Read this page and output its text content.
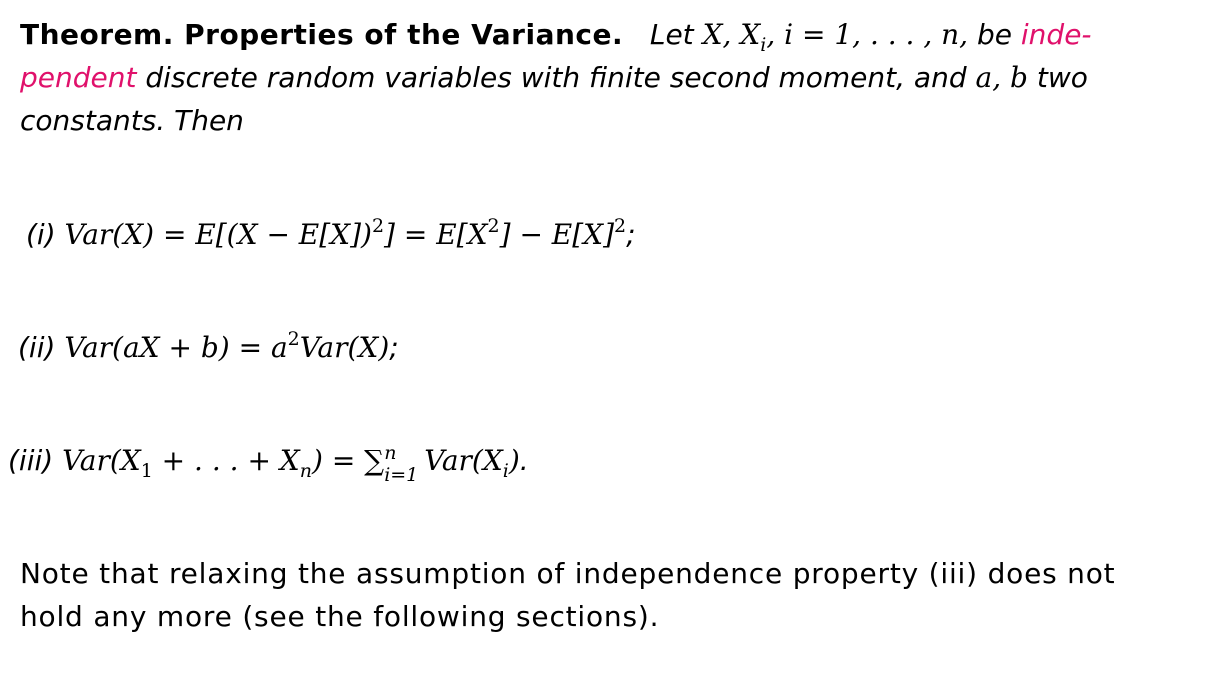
Theorem. Properties of the Variance. Let X, $X_i$, i = 1, . . . , n, be inde-
pendent discrete random variables with finite second moment, and a, b two
constants. Then
(i) $Var(X) = E[(X - E[X])^2] = E[X^2] - E[X]^2$;
(ii) $Var(aX + b) = a^2Var(X)$;
(iii) $Var(X_1$ + . . . + $X_n$) = ∑ n
i=1 $Var(X_i)$.
Note that relaxing the assumption of independence property (iii) does not
hold any more (see the following sections).
